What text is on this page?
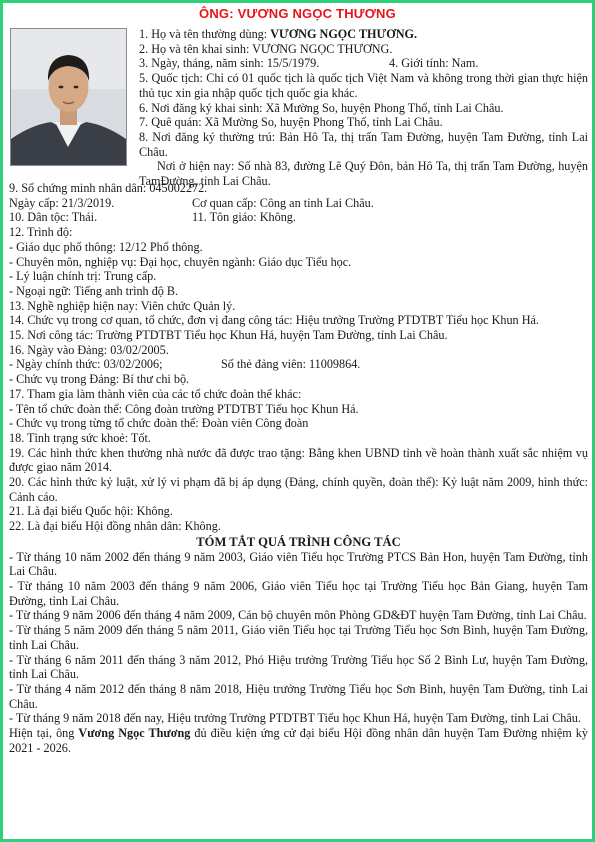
ÔNG: VƯƠNG NGỌC THƯƠNG
1. Họ và tên thường dùng: VƯƠNG NGỌC THƯƠNG.
2. Họ và tên khai sinh: VƯƠNG NGỌC THƯƠNG.
3. Ngày, tháng, năm sinh: 15/5/1979.	4. Giới tính: Nam.
5. Quốc tịch: Chỉ có 01 quốc tịch là quốc tịch Việt Nam và không trong thời gian thực hiện thủ tục xin gia nhập quốc tịch quốc gia khác.
6. Nơi đăng ký khai sinh: Xã Mường So, huyện Phong Thổ, tỉnh Lai Châu.
7. Quê quán: Xã Mường So, huyện Phong Thổ, tỉnh Lai Châu.
8. Nơi đăng ký thường trú: Bản Hô Ta, thị trấn Tam Đường, huyện Tam Đường, tỉnh Lai Châu.
Nơi ở hiện nay: Số nhà 83, đường Lê Quý Đôn, bản Hô Ta, thị trấn Tam Đường, huyện TamĐường, tỉnh Lai Châu.
9. Số chứng minh nhân dân: 045002272.
Ngày cấp: 21/3/2019.	Cơ quan cấp: Công an tỉnh Lai Châu.
10. Dân tộc: Thái.	11. Tôn giáo: Không.
12. Trình độ:
- Giáo dục phổ thông: 12/12 Phổ thông.
- Chuyên môn, nghiệp vụ: Đại học, chuyên ngành: Giáo dục Tiểu học.
- Lý luận chính trị: Trung cấp.
- Ngoại ngữ: Tiếng anh trình độ B.
13. Nghề nghiệp hiện nay: Viên chức Quản lý.
14. Chức vụ trong cơ quan, tổ chức, đơn vị đang công tác: Hiệu trưởng Trường PTDTBT Tiểu học Khun Há.
15. Nơi công tác: Trường PTDTBT Tiểu học Khun Há, huyện Tam Đường, tỉnh Lai Châu.
16. Ngày vào Đảng: 03/02/2005.
- Ngày chính thức: 03/02/2006;	Số thẻ đảng viên: 11009864.
- Chức vụ trong Đảng: Bí thư chi bộ.
17. Tham gia làm thành viên của các tổ chức đoàn thể khác:
- Tên tổ chức đoàn thể: Công đoàn trường PTDTBT Tiểu học Khun Há.
- Chức vụ trong từng tổ chức đoàn thể: Đoàn viên Công đoàn
18. Tình trạng sức khoẻ: Tốt.
19. Các hình thức khen thưởng nhà nước đã được trao tặng: Bằng khen UBND tỉnh về hoàn thành xuất sắc nhiệm vụ được giao năm 2014.
20. Các hình thức kỷ luật, xử lý vi phạm đã bị áp dụng (Đảng, chính quyền, đoàn thể): Kỷ luật năm 2009, hình thức: Cảnh cáo.
21. Là đại biểu Quốc hội: Không.
22. Là đại biểu Hội đồng nhân dân: Không.
TÓM TẮT QUÁ TRÌNH CÔNG TÁC
- Từ tháng 10 năm 2002 đến tháng 9 năm 2003, Giáo viên Tiểu học Trường PTCS Bản Hon, huyện Tam Đường, tỉnh Lai Châu.
- Từ tháng 10 năm 2003 đến tháng 9 năm 2006, Giáo viên Tiểu học tại Trường Tiểu học Bản Giang, huyện Tam Đường, tỉnh Lai Châu.
- Từ tháng 9 năm 2006 đến tháng 4 năm 2009, Cán bộ chuyên môn Phòng GD&ĐT huyện Tam Đường, tỉnh Lai Châu.
- Từ tháng 5 năm 2009 đến tháng 5 năm 2011, Giáo viên Tiểu học tại Trường Tiểu học Sơn Bình, huyện Tam Đường, tỉnh Lai Châu.
- Từ tháng 6 năm 2011 đến tháng 3 năm 2012, Phó Hiệu trưởng Trường Tiểu học Số 2 Bình Lư, huyện Tam Đường, tỉnh Lai Châu.
- Từ tháng 4 năm 2012 đến tháng 8 năm 2018, Hiệu trưởng Trường Tiểu học Sơn Bình, huyện Tam Đường, tỉnh Lai Châu.
- Từ tháng 9 năm 2018 đến nay, Hiệu trưởng Trường PTDTBT Tiểu học Khun Há, huyện Tam Đường, tỉnh Lai Châu.
Hiện tại, ông Vương Ngọc Thương đủ điều kiện ứng cử đại biểu Hội đồng nhân dân huyện Tam Đường nhiệm kỳ 2021 - 2026.
